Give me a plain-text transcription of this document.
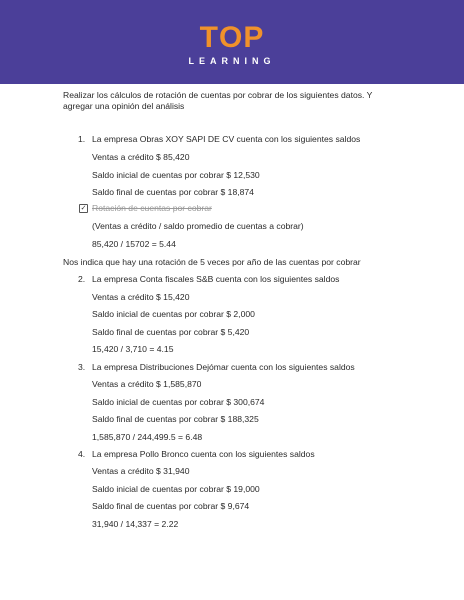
TOP
LEARNING
Realizar los cálculos de rotación de cuentas por cobrar de los siguientes datos. Y
agregar una opinión del análisis
1. La empresa Obras XOY SAPI DE CV cuenta con los siguientes saldos
Ventas a crédito $ 85,420
Saldo inicial de cuentas por cobrar $ 12,530
Saldo final de cuentas por cobrar $ 18,874
✓ Rotación de cuentas por cobrar
(Ventas a crédito / saldo promedio de cuentas a cobrar)
85,420 / 15702 = 5.44
Nos indica que hay una rotación de 5 veces por año de las cuentas por cobrar
2. La empresa Conta fiscales S&B cuenta con los siguientes saldos
Ventas a crédito $ 15,420
Saldo inicial de cuentas por cobrar $ 2,000
Saldo final de cuentas por cobrar $ 5,420
15,420 / 3,710 = 4.15
3. La empresa Distribuciones Dejómar cuenta con los siguientes saldos
Ventas a crédito $ 1,585,870
Saldo inicial de cuentas por cobrar $ 300,674
Saldo final de cuentas por cobrar $ 188,325
1,585,870 / 244,499.5 = 6.48
4. La empresa Pollo Bronco cuenta con los siguientes saldos
Ventas a crédito $ 31,940
Saldo inicial de cuentas por cobrar $ 19,000
Saldo final de cuentas por cobrar $ 9,674
31,940 / 14,337 = 2.22
